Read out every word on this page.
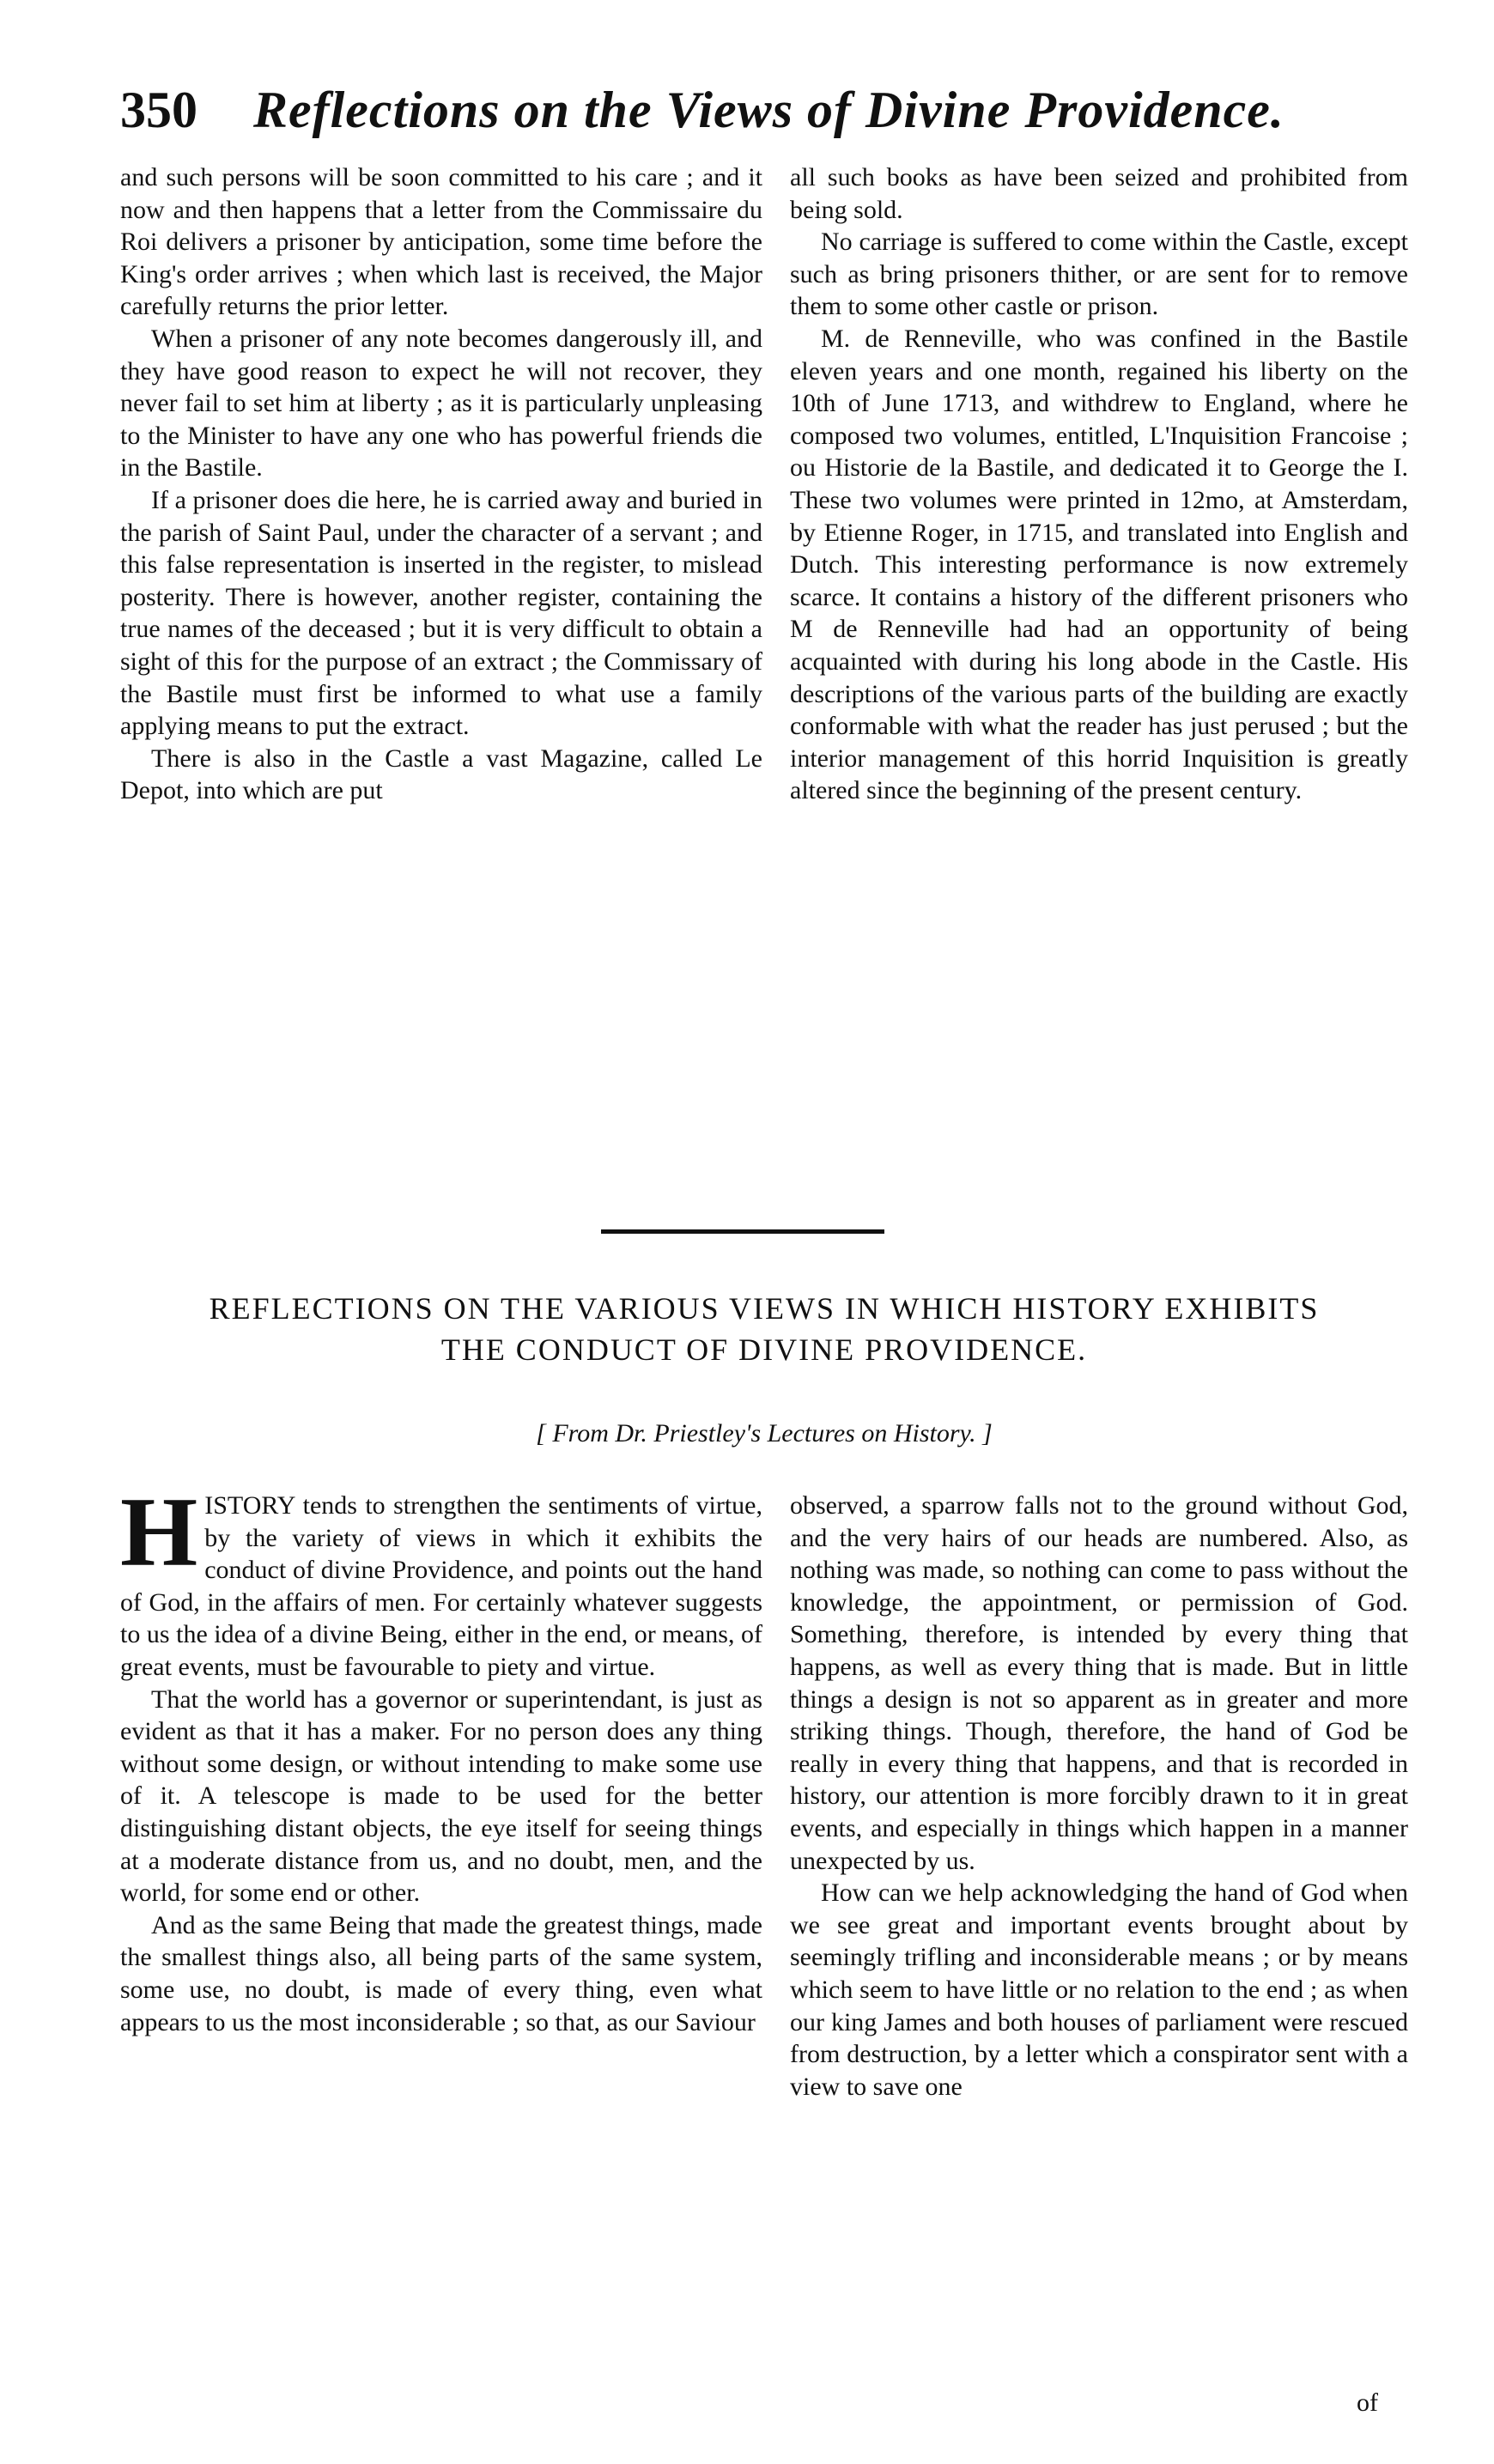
350 Reflections on the Views of Divine Providence.

and such persons will be soon committed to his care ; and it now and then happens that a letter from the Commissaire du Roi delivers a prisoner by anticipation, some time before the King's order arrives ; when which last is received, the Major carefully returns the prior letter.

When a prisoner of any note becomes dangerously ill, and they have good reason to expect he will not recover, they never fail to set him at liberty ; as it is particularly unpleasing to the Minister to have any one who has powerful friends die in the Bastile.

If a prisoner does die here, he is carried away and buried in the parish of Saint Paul, under the character of a servant ; and this false representation is inserted in the register, to mislead posterity. There is however, another register, containing the true names of the deceased ; but it is very difficult to obtain a sight of this for the purpose of an extract ; the Commissary of the Bastile must first be informed to what use a family applying means to put the extract.

There is also in the Castle a vast Magazine, called Le Depot, into which are put

all such books as have been seized and prohibited from being sold.

No carriage is suffered to come within the Castle, except such as bring prisoners thither, or are sent for to remove them to some other castle or prison.

M. de Renneville, who was confined in the Bastile eleven years and one month, regained his liberty on the 10th of June 1713, and withdrew to England, where he composed two volumes, entitled, L'Inquisition Francoise ; ou Historie de la Bastile, and dedicated it to George the I. These two volumes were printed in 12mo, at Amsterdam, by Etienne Roger, in 1715, and translated into English and Dutch. This interesting performance is now extremely scarce. It contains a history of the different prisoners who M de Renneville had had an opportunity of being acquainted with during his long abode in the Castle. His descriptions of the various parts of the building are exactly conformable with what the reader has just perused ; but the interior management of this horrid Inquisition is greatly altered since the beginning of the present century.

REFLECTIONS ON THE VARIOUS VIEWS IN WHICH HISTORY EXHIBITS
THE CONDUCT OF DIVINE PROVIDENCE.
[ From Dr. Priestley's Lectures on History. ]

HISTORY tends to strengthen the sentiments of virtue, by the variety of views in which it exhibits the conduct of divine Providence, and points out the hand of God, in the affairs of men. For certainly whatever suggests to us the idea of a divine Being, either in the end, or means, of great events, must be favourable to piety and virtue.

That the world has a governor or superintendant, is just as evident as that it has a maker. For no person does any thing without some design, or without intending to make some use of it. A telescope is made to be used for the better distinguishing distant objects, the eye itself for seeing things at a moderate distance from us, and no doubt, men, and the world, for some end or other.

And as the same Being that made the greatest things, made the smallest things also, all being parts of the same system, some use, no doubt, is made of every thing, even what appears to us the most inconsiderable ; so that, as our Saviour

observed, a sparrow falls not to the ground without God, and the very hairs of our heads are numbered. Also, as nothing was made, so nothing can come to pass without the knowledge, the appointment, or permission of God. Something, therefore, is intended by every thing that happens, as well as every thing that is made. But in little things a design is not so apparent as in greater and more striking things. Though, therefore, the hand of God be really in every thing that happens, and that is recorded in history, our attention is more forcibly drawn to it in great events, and especially in things which happen in a manner unexpected by us.

How can we help acknowledging the hand of God when we see great and important events brought about by seemingly trifling and inconsiderable means ; or by means which seem to have little or no relation to the end ; as when our king James and both houses of parliament were rescued from destruction, by a letter which a conspirator sent with a view to save one

of
